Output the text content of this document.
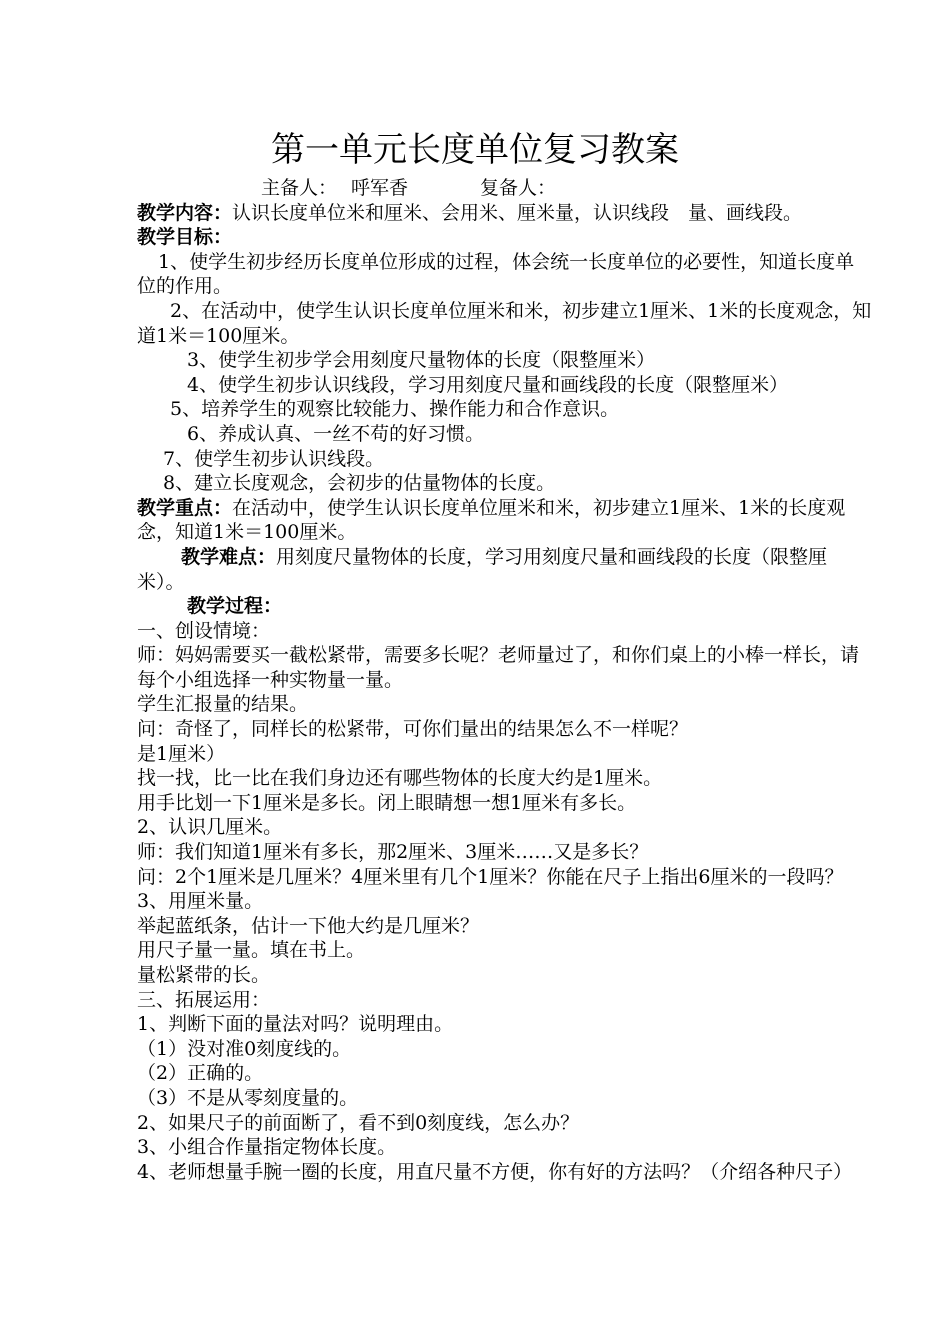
第一单元长度单位复习教案

主备人： 呼军香	复备人：

教学内容：认识长度单位米和厘米、会用米、厘米量，认识线段　量、画线段。

教学目标：

1、使学生初步经历长度单位形成的过程，体会统一长度单位的必要性，知道长度单位的作用。

2、在活动中，使学生认识长度单位厘米和米，初步建立1厘米、1米的长度观念，知道1米＝100厘米。

3、使学生初步学会用刻度尺量物体的长度（限整厘米）

4、使学生初步认识线段，学习用刻度尺量和画线段的长度（限整厘米）

5、培养学生的观察比较能力、操作能力和合作意识。

6、养成认真、一丝不苟的好习惯。

7、使学生初步认识线段。

8、建立长度观念，会初步的估量物体的长度。

教学重点：在活动中，使学生认识长度单位厘米和米，初步建立1厘米、1米的长度观念，知道1米＝100厘米。

教学难点：用刻度尺量物体的长度，学习用刻度尺量和画线段的长度（限整厘米）。

教学过程：

一、创设情境：

师：妈妈需要买一截松紧带，需要多长呢？老师量过了，和你们桌上的小棒一样长，请每个小组选择一种实物量一量。

学生汇报量的结果。

问：奇怪了，同样长的松紧带，可你们量出的结果怎么不一样呢？

是1厘米）

找一找，比一比在我们身边还有哪些物体的长度大约是1厘米。

用手比划一下1厘米是多长。闭上眼睛想一想1厘米有多长。

2、认识几厘米。

师：我们知道1厘米有多长，那2厘米、3厘米……又是多长？

问：2个1厘米是几厘米？4厘米里有几个1厘米？你能在尺子上指出6厘米的一段吗？

3、用厘米量。

举起蓝纸条，估计一下他大约是几厘米？

用尺子量一量。填在书上。

量松紧带的长。

三、拓展运用：

1、判断下面的量法对吗？说明理由。

（1）没对准0刻度线的。

（2）正确的。

（3）不是从零刻度量的。

2、如果尺子的前面断了，看不到0刻度线，怎么办？

3、小组合作量指定物体长度。

4、老师想量手腕一圈的长度，用直尺量不方便，你有好的方法吗？（介绍各种尺子）
